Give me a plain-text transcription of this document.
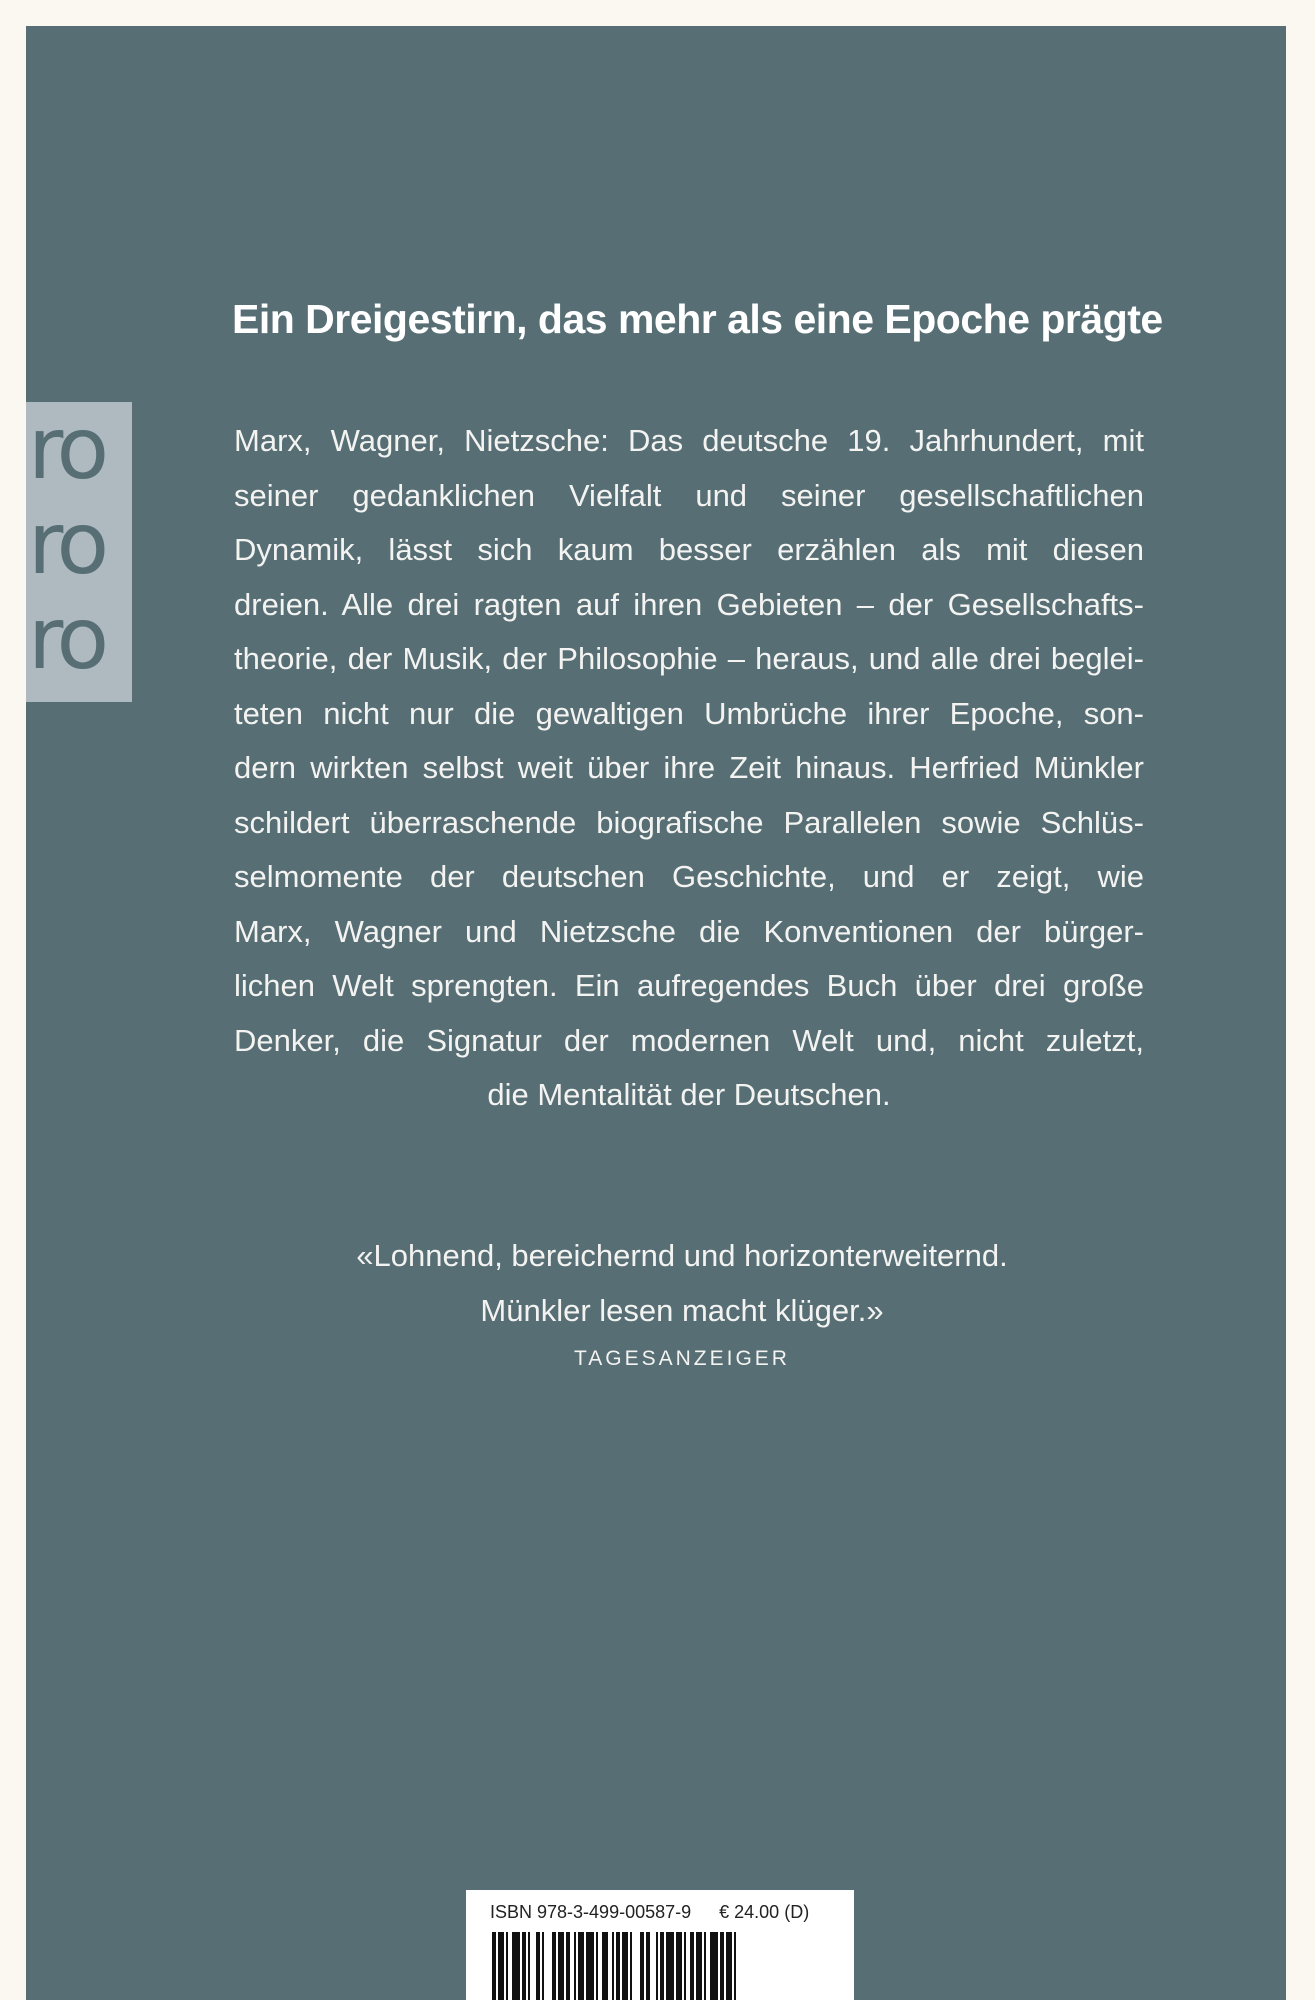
ro
ro
ro
Ein Dreigestirn, das mehr als eine Epoche prägte
Marx, Wagner, Nietzsche: Das deutsche 19. Jahrhundert, mit
seiner gedanklichen Vielfalt und seiner gesellschaftlichen
Dynamik, lässt sich kaum besser erzählen als mit diesen
dreien. Alle drei ragten auf ihren Gebieten – der Gesellschafts-
theorie, der Musik, der Philosophie – heraus, und alle drei beglei-
teten nicht nur die gewaltigen Umbrüche ihrer Epoche, son-
dern wirkten selbst weit über ihre Zeit hinaus. Herfried Münkler
schildert überraschende biografische Parallelen sowie Schlüs-
selmomente der deutschen Geschichte, und er zeigt, wie
Marx, Wagner und Nietzsche die Konventionen der bürger-
lichen Welt sprengten. Ein aufregendes Buch über drei große
Denker, die Signatur der modernen Welt und, nicht zuletzt,
die Mentalität der Deutschen.
«Lohnend, bereichernd und horizonterweiternd.
Münkler lesen macht klüger.»
TAGESANZEIGER
ISBN 978-3-499-00587-9 € 24.00 (D)
